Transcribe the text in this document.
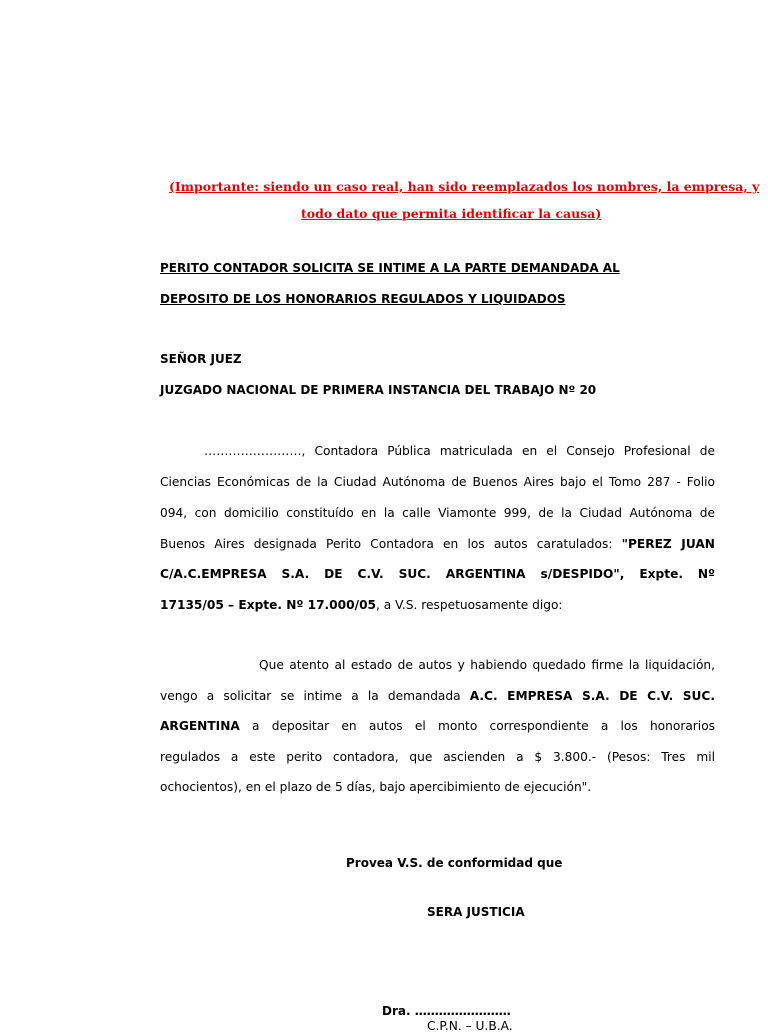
(Importante: siendo un caso real, han sido reemplazados los nombres, la empresa, y
todo dato que permita identificar la causa)
PERITO CONTADOR SOLICITA SE INTIME A LA PARTE DEMANDADA AL
DEPOSITO DE LOS HONORARIOS REGULADOS Y LIQUIDADOS
SEÑOR JUEZ
JUZGADO NACIONAL DE PRIMERA INSTANCIA DEL TRABAJO Nº 20
……………………, Contadora Pública matriculada en el Consejo Profesional de
Ciencias Económicas de la Ciudad Autónoma de Buenos Aires bajo el Tomo 287 - Folio
094, con domicilio constituído en la calle Viamonte 999, de la Ciudad Autónoma de
Buenos Aires designada Perito Contadora en los autos caratulados: "PEREZ JUAN
C/A.C.EMPRESA S.A. DE C.V. SUC. ARGENTINA s/DESPIDO", Expte. Nº
17135/05 – Expte. Nº 17.000/05, a V.S. respetuosamente digo:
Que atento al estado de autos y habiendo quedado firme la liquidación,
vengo a solicitar se intime a la demandada A.C. EMPRESA S.A. DE C.V. SUC.
ARGENTINA a depositar en autos el monto correspondiente a los honorarios
regulados a este perito contadora, que ascienden a $ 3.800.- (Pesos: Tres mil
ochocientos), en el plazo de 5 días, bajo apercibimiento de ejecución".
Provea V.S. de conformidad que
SERA JUSTICIA
Dra. ……………………
C.P.N. – U.B.A.
